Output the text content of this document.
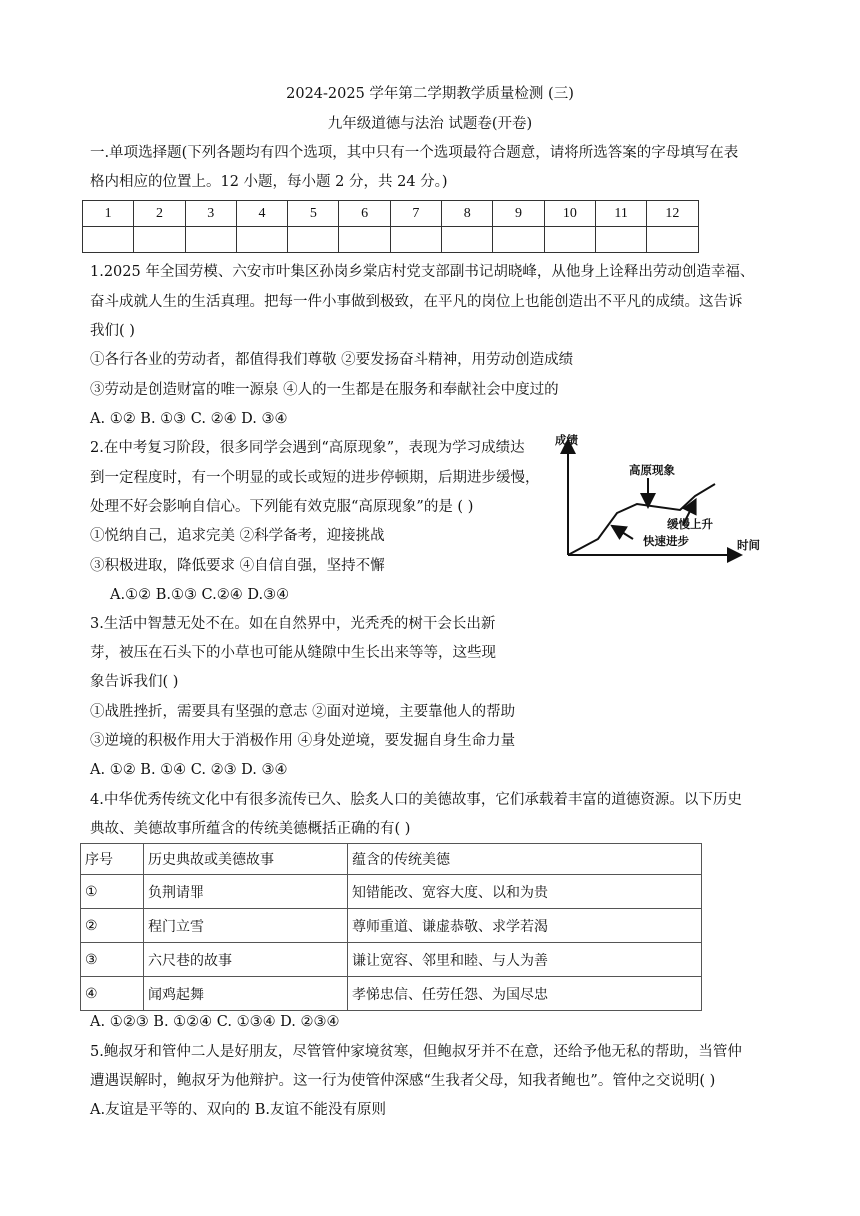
2024-2025 学年第二学期教学质量检测 (三)
九年级道德与法治 试题卷(开卷)
一.单项选择题(下列各题均有四个选项，其中只有一个选项最符合题意，请将所选答案的字母填写在表
格内相应的位置上。12 小题，每小题 2 分，共 24 分。)
1	2	3	4	5	6	7	8	9	10	11	12

1.2025 年全国劳模、六安市叶集区孙岗乡棠店村党支部副书记胡晓峰，从他身上诠释出劳动创造幸福、
奋斗成就人生的生活真理。把每一件小事做到极致，在平凡的岗位上也能创造出不平凡的成绩。这告诉
我们( )
①各行各业的劳动者，都值得我们尊敬 ②要发扬奋斗精神，用劳动创造成绩
③劳动是创造财富的唯一源泉 ④人的一生都是在服务和奉献社会中度过的
A. ①② B. ①③ C. ②④ D. ③④
2.在中考复习阶段，很多同学会遇到“高原现象”，表现为学习成绩达
到一定程度时，有一个明显的或长或短的进步停顿期，后期进步缓慢，
处理不好会影响自信心。下列能有效克服“高原现象”的是 ( )
①悦纳自己，追求完美 ②科学备考，迎接挑战
③积极进取，降低要求 ④自信自强，坚持不懈
A.①② B.①③ C.②④ D.③④
成绩
时间
高原现象
快速进步
缓慢上升
3.生活中智慧无处不在。如在自然界中，光秃秃的树干会长出新
芽，被压在石头下的小草也可能从缝隙中生长出来等等，这些现
象告诉我们( )
①战胜挫折，需要具有坚强的意志 ②面对逆境，主要靠他人的帮助
③逆境的积极作用大于消极作用 ④身处逆境，要发掘自身生命力量
A. ①② B. ①④ C. ②③ D. ③④
4.中华优秀传统文化中有很多流传已久、脍炙人口的美德故事，它们承载着丰富的道德资源。以下历史
典故、美德故事所蕴含的传统美德概括正确的有( )
序号	历史典故或美德故事	蕴含的传统美德
①	负荆请罪	知错能改、宽容大度、以和为贵
②	程门立雪	尊师重道、谦虚恭敬、求学若渴
③	六尺巷的故事	谦让宽容、邻里和睦、与人为善
④	闻鸡起舞	孝悌忠信、任劳任怨、为国尽忠
A. ①②③ B. ①②④ C. ①③④ D. ②③④
5.鲍叔牙和管仲二人是好朋友，尽管管仲家境贫寒，但鲍叔牙并不在意，还给予他无私的帮助，当管仲
遭遇误解时，鲍叔牙为他辩护。这一行为使管仲深感“生我者父母，知我者鲍也”。管仲之交说明( )
A.友谊是平等的、双向的 B.友谊不能没有原则
